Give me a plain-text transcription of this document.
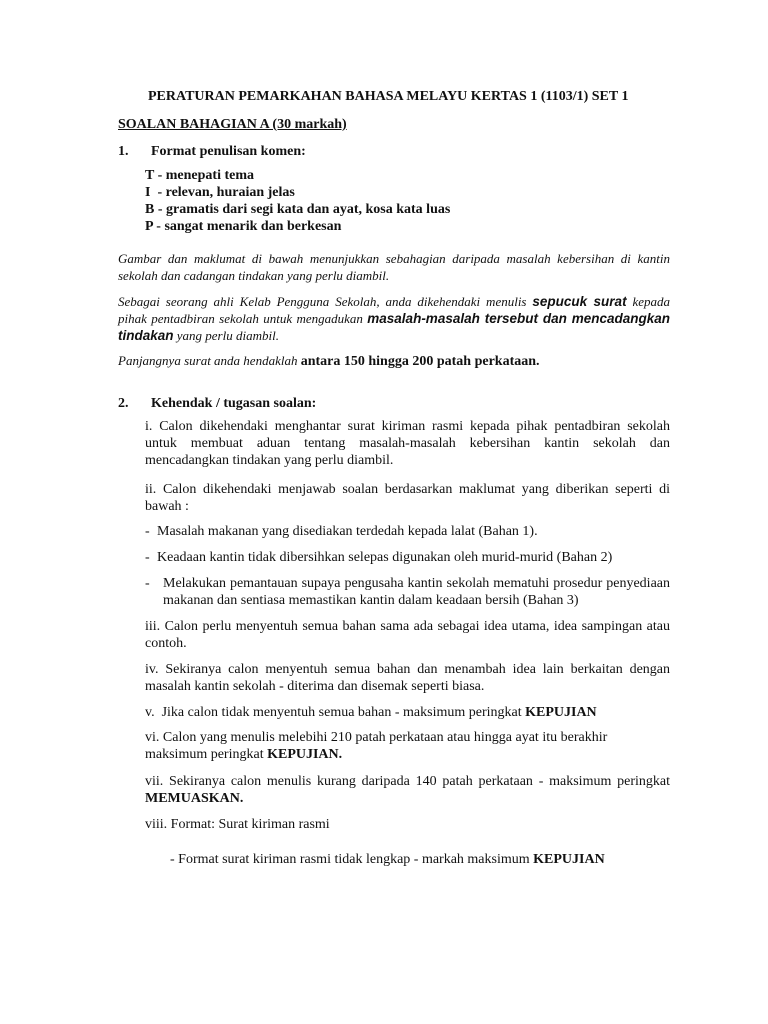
PERATURAN PEMARKAHAN BAHASA MELAYU KERTAS 1 (1103/1) SET 1
SOALAN BAHAGIAN A (30 markah)
1. Format penulisan komen:
T - menepati tema
I  - relevan, huraian jelas
B - gramatis dari segi kata dan ayat, kosa kata luas
P - sangat menarik dan berkesan
Gambar dan maklumat di bawah menunjukkan sebahagian daripada masalah kebersihan di kantin sekolah dan cadangan tindakan yang perlu diambil.
Sebagai seorang ahli Kelab Pengguna Sekolah, anda dikehendaki menulis sepucuk surat kepada pihak pentadbiran sekolah untuk mengadukan masalah-masalah tersebut dan mencadangkan tindakan yang perlu diambil.
Panjangnya surat anda hendaklah antara 150 hingga 200 patah perkataan.
2. Kehendak / tugasan soalan:
i. Calon dikehendaki menghantar surat kiriman rasmi kepada pihak pentadbiran sekolah untuk membuat aduan tentang masalah-masalah kebersihan kantin sekolah dan mencadangkan tindakan yang perlu diambil.
ii. Calon dikehendaki menjawab soalan berdasarkan maklumat yang diberikan seperti di bawah :
- Masalah makanan yang disediakan terdedah kepada lalat (Bahan 1).
- Keadaan kantin tidak dibersihkan selepas digunakan oleh murid-murid (Bahan 2)
- Melakukan pemantauan supaya pengusaha kantin sekolah mematuhi prosedur penyediaan makanan dan sentiasa memastikan kantin dalam keadaan bersih (Bahan 3)
iii. Calon perlu menyentuh semua bahan sama ada sebagai idea utama, idea sampingan atau contoh.
iv. Sekiranya calon menyentuh semua bahan dan menambah idea lain berkaitan dengan masalah kantin sekolah - diterima dan disemak seperti biasa.
v.  Jika calon tidak menyentuh semua bahan - maksimum peringkat KEPUJIAN
vi. Calon yang menulis melebihi 210 patah perkataan atau hingga ayat itu berakhir maksimum peringkat KEPUJIAN.
vii. Sekiranya calon menulis kurang daripada 140 patah perkataan - maksimum peringkat MEMUASKAN.
viii. Format: Surat kiriman rasmi
- Format surat kiriman rasmi tidak lengkap - markah maksimum KEPUJIAN
